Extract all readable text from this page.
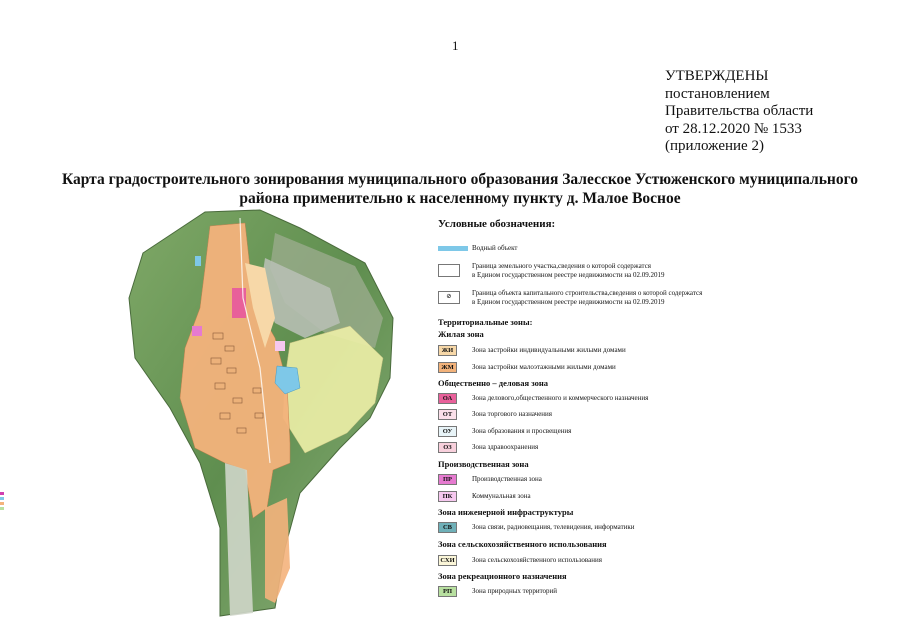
1
УТВЕРЖДЕНЫ
постановлением
Правительства области
от 28.12.2020 № 1533
(приложение 2)
Карта градостроительного зонирования муниципального образования Залесское Устюженского муниципального
района применительно к населенному пункту д. Малое Восное
Условные обозначения:
Водный объект
Граница земельного участка,сведения о которой содержатся
в Едином государственном реестре недвижимости на 02.09.2019
⊘	Граница объекта капитального строительства,сведения о которой содержатся
в Едином государственном реестре недвижимости на 02.09.2019
Территориальные зоны:
Жилая зона
ЖИ	Зона застройки индивидуальными жилыми домами
ЖМ	Зона застройки малоэтажными жилыми домами
Общественно – деловая зона
ОА	Зона делового,общественного и коммерческого назначения
ОТ	Зона торгового назначения
ОУ	Зона образования и просвещения
ОЗ	Зона здравоохранения
Производственная зона
ПР	Производственная зона
ПК	Коммунальная зона
Зона инженерной инфраструктуры
СВ	Зона связи, радиовещания, телевидения, информатики
Зона сельскохозяйственного использования
СХИ	Зона сельскохозяйственного использования
Зона рекреационного назначения
РП	Зона природных территорий
